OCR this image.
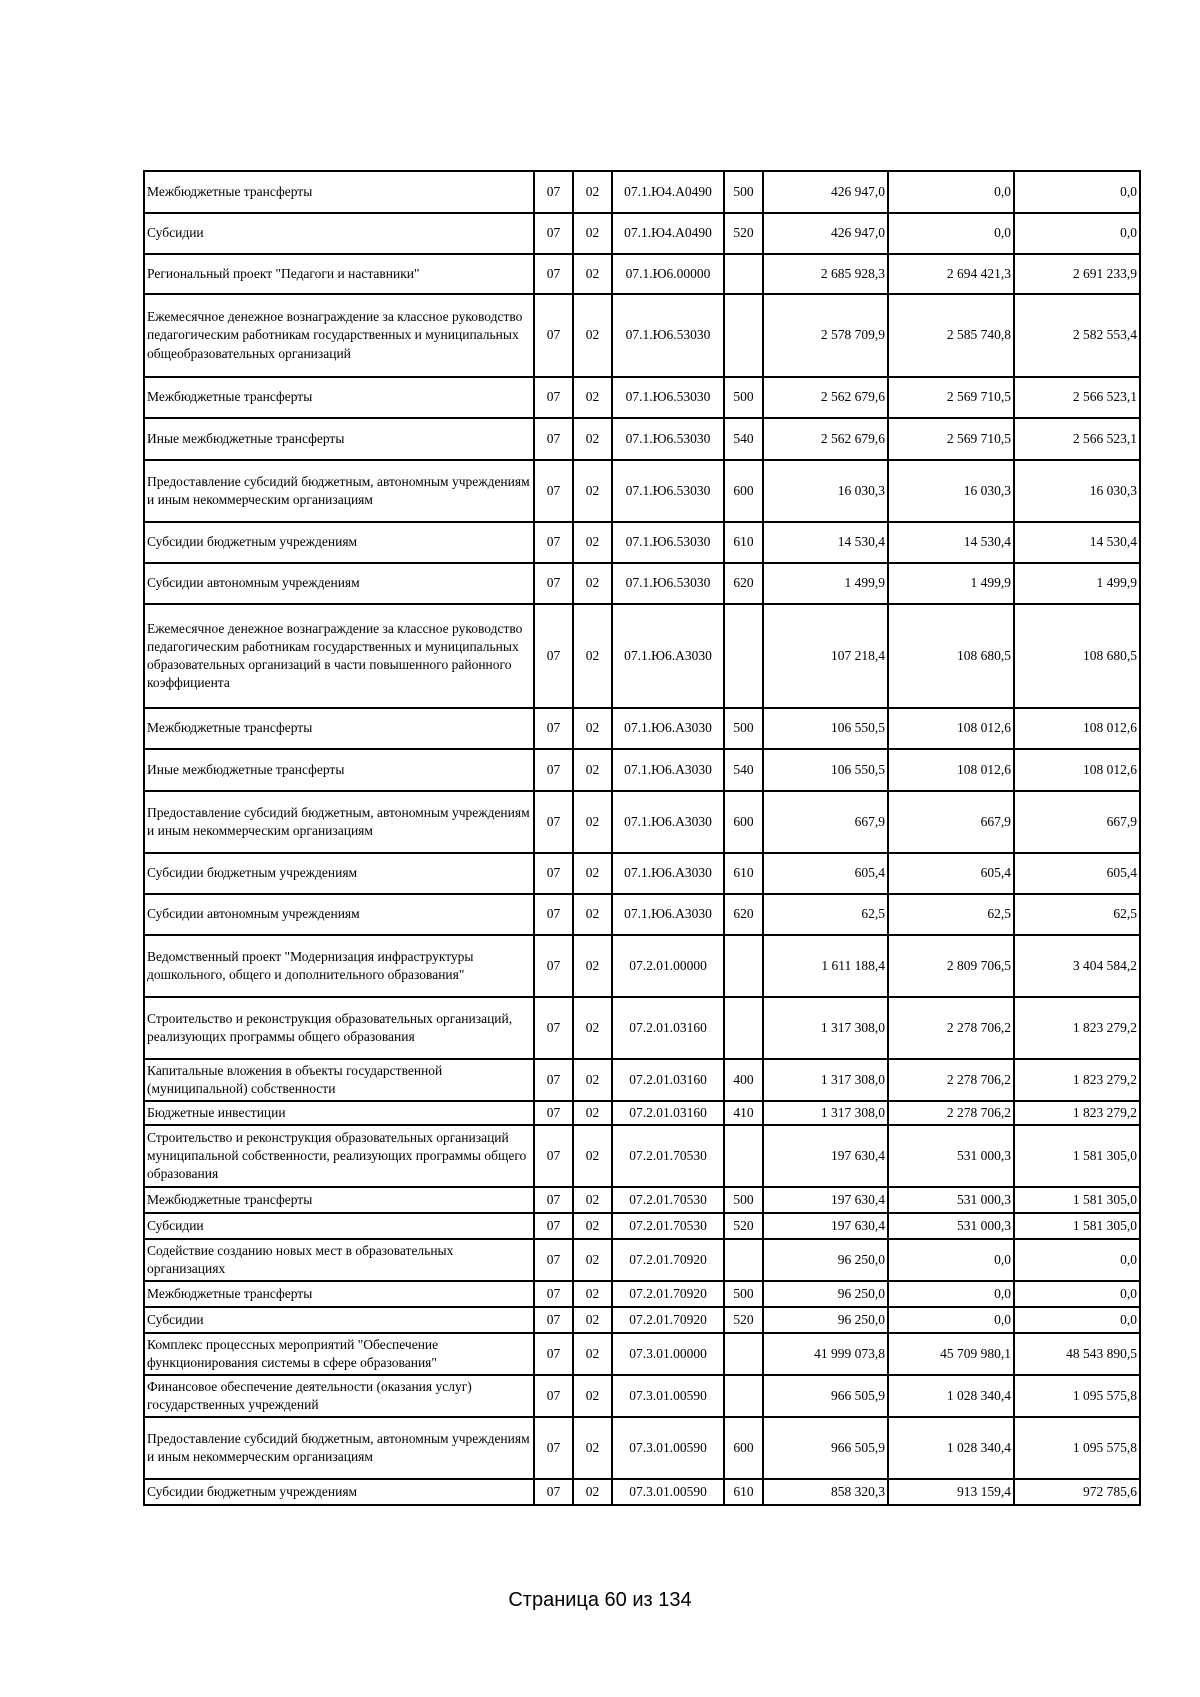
Межбюджетные трансферты	07	02	07.1.Ю4.А0490	500	426 947,0	0,0	0,0
Субсидии	07	02	07.1.Ю4.А0490	520	426 947,0	0,0	0,0
Региональный проект "Педагоги и наставники"	07	02	07.1.Ю6.00000		2 685 928,3	2 694 421,3	2 691 233,9
Ежемесячное денежное вознаграждение за классное руководство педагогическим работникам государственных и муниципальных общеобразовательных организаций	07	02	07.1.Ю6.53030		2 578 709,9	2 585 740,8	2 582 553,4
Межбюджетные трансферты	07	02	07.1.Ю6.53030	500	2 562 679,6	2 569 710,5	2 566 523,1
Иные межбюджетные трансферты	07	02	07.1.Ю6.53030	540	2 562 679,6	2 569 710,5	2 566 523,1
Предоставление субсидий бюджетным, автономным учреждениям и иным некоммерческим организациям	07	02	07.1.Ю6.53030	600	16 030,3	16 030,3	16 030,3
Субсидии бюджетным учреждениям	07	02	07.1.Ю6.53030	610	14 530,4	14 530,4	14 530,4
Субсидии автономным учреждениям	07	02	07.1.Ю6.53030	620	1 499,9	1 499,9	1 499,9
Ежемесячное денежное вознаграждение за классное руководство педагогическим работникам государственных и муниципальных образовательных организаций в части повышенного районного коэффициента	07	02	07.1.Ю6.А3030		107 218,4	108 680,5	108 680,5
Межбюджетные трансферты	07	02	07.1.Ю6.А3030	500	106 550,5	108 012,6	108 012,6
Иные межбюджетные трансферты	07	02	07.1.Ю6.А3030	540	106 550,5	108 012,6	108 012,6
Предоставление субсидий бюджетным, автономным учреждениям и иным некоммерческим организациям	07	02	07.1.Ю6.А3030	600	667,9	667,9	667,9
Субсидии бюджетным учреждениям	07	02	07.1.Ю6.А3030	610	605,4	605,4	605,4
Субсидии автономным учреждениям	07	02	07.1.Ю6.А3030	620	62,5	62,5	62,5
Ведомственный проект "Модернизация инфраструктуры дошкольного, общего и дополнительного образования"	07	02	07.2.01.00000		1 611 188,4	2 809 706,5	3 404 584,2
Строительство и реконструкция образовательных организаций, реализующих программы общего образования	07	02	07.2.01.03160		1 317 308,0	2 278 706,2	1 823 279,2
Капитальные вложения в объекты государственной (муниципальной) собственности	07	02	07.2.01.03160	400	1 317 308,0	2 278 706,2	1 823 279,2
Бюджетные инвестиции	07	02	07.2.01.03160	410	1 317 308,0	2 278 706,2	1 823 279,2
Строительство и реконструкция образовательных организаций муниципальной собственности, реализующих программы общего образования	07	02	07.2.01.70530		197 630,4	531 000,3	1 581 305,0
Межбюджетные трансферты	07	02	07.2.01.70530	500	197 630,4	531 000,3	1 581 305,0
Субсидии	07	02	07.2.01.70530	520	197 630,4	531 000,3	1 581 305,0
Содействие созданию новых мест в образовательных организациях	07	02	07.2.01.70920		96 250,0	0,0	0,0
Межбюджетные трансферты	07	02	07.2.01.70920	500	96 250,0	0,0	0,0
Субсидии	07	02	07.2.01.70920	520	96 250,0	0,0	0,0
Комплекс процессных мероприятий "Обеспечение функционирования системы в сфере образования"	07	02	07.3.01.00000		41 999 073,8	45 709 980,1	48 543 890,5
Финансовое обеспечение деятельности (оказания услуг) государственных учреждений	07	02	07.3.01.00590		966 505,9	1 028 340,4	1 095 575,8
Предоставление субсидий бюджетным, автономным учреждениям и иным некоммерческим организациям	07	02	07.3.01.00590	600	966 505,9	1 028 340,4	1 095 575,8
Субсидии бюджетным учреждениям	07	02	07.3.01.00590	610	858 320,3	913 159,4	972 785,6
Страница 60 из 134
